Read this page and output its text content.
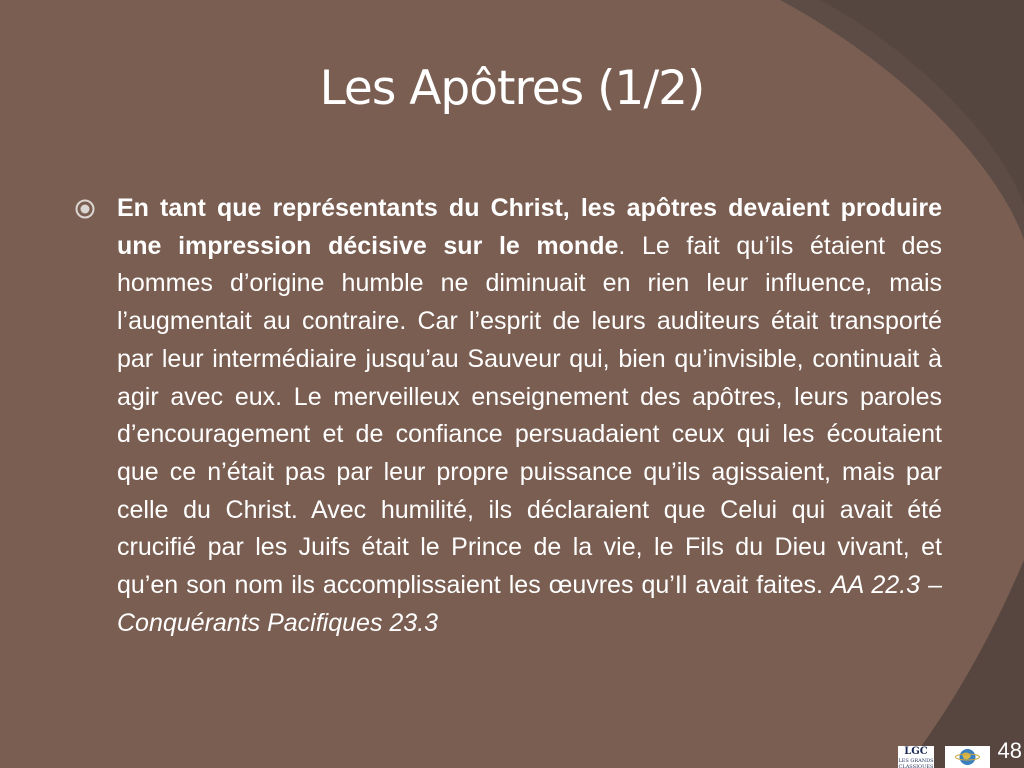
Les Apôtres (1/2)

En tant que représentants du Christ, les apôtres devaient produire une impression décisive sur le monde. Le fait qu’ils étaient des hommes d’origine humble ne diminuait en rien leur influence, mais l’augmentait au contraire. Car l’esprit de leurs auditeurs était transporté par leur intermédiaire jusqu’au Sauveur qui, bien qu’invisible, continuait à agir avec eux. Le merveilleux enseignement des apôtres, leurs paroles d’encouragement et de confiance persuadaient ceux qui les écoutaient que ce n’était pas par leur propre puissance qu’ils agissaient, mais par celle du Christ. Avec humilité, ils déclaraient que Celui qui avait été crucifié par les Juifs était le Prince de la vie, le Fils du Dieu vivant, et qu’en son nom ils accomplissaient les œuvres qu’Il avait faites. AA 22.3 – Conquérants Pacifiques 23.3

LGC
LES GRANDS CLASSIQUES
48
